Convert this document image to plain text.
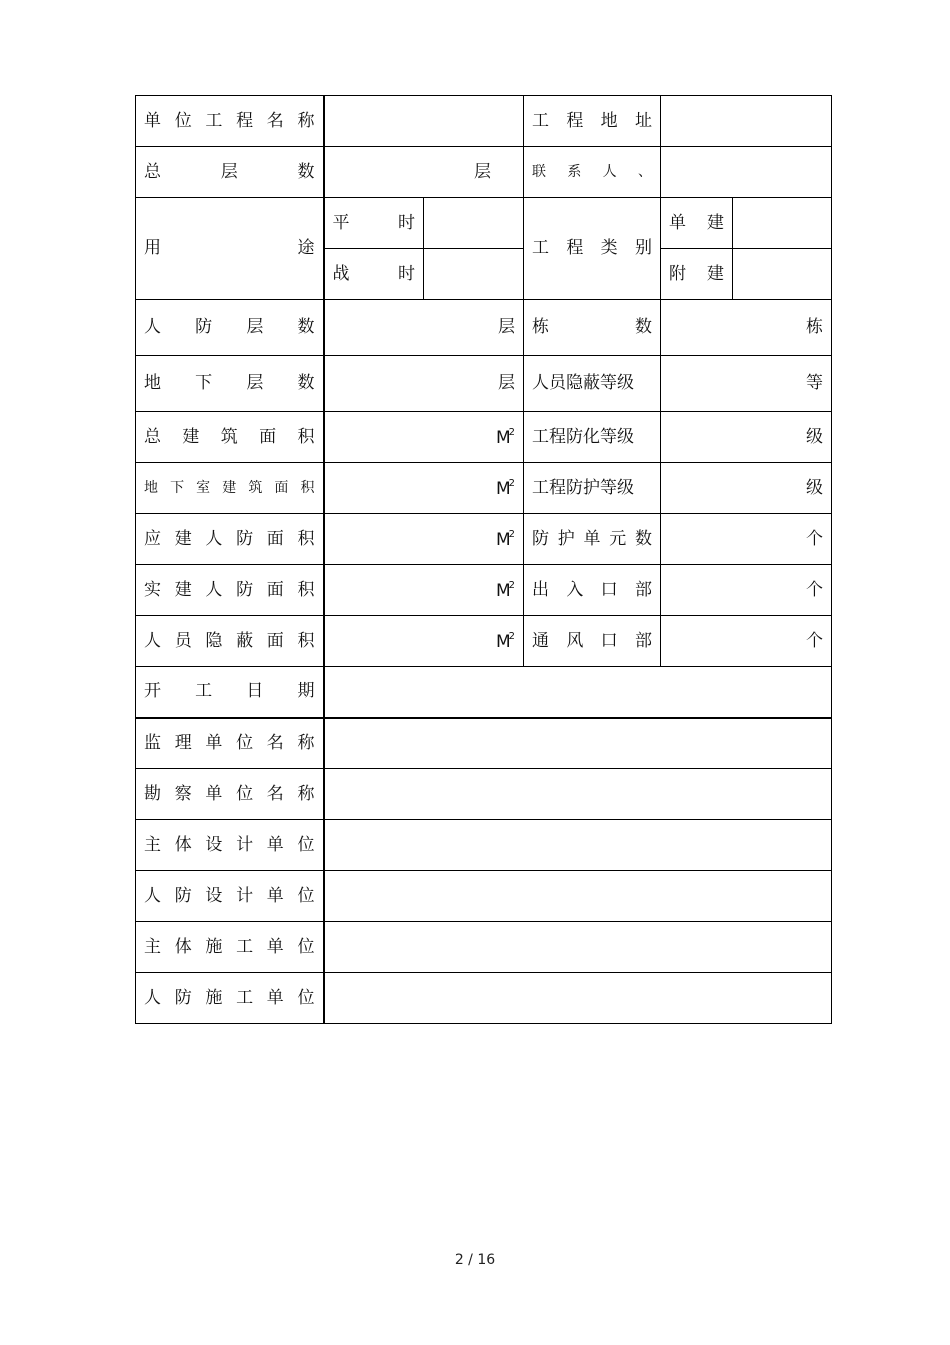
单位工程名称			工程地址		
总层数	层		联系人、		
用途	平时		工程类别	单建	
	战时			附建	
人防层数	层		栋数	栋	
地下层数	层		人员隐蔽等级	等	
总建筑面积	$M^2$		工程防化等级	级	
地下室建筑面积	$M^2$		工程防护等级	级	
应建人防面积	$M^2$		防护单元数	个	
实建人防面积	$M^2$		出入口部	个	
人员隐蔽面积	$M^2$		通风口部	个	
开工日期					
监理单位名称					
勘察单位名称					
主体设计单位					
人防设计单位					
主体施工单位					
人防施工单位					
2 / 16
